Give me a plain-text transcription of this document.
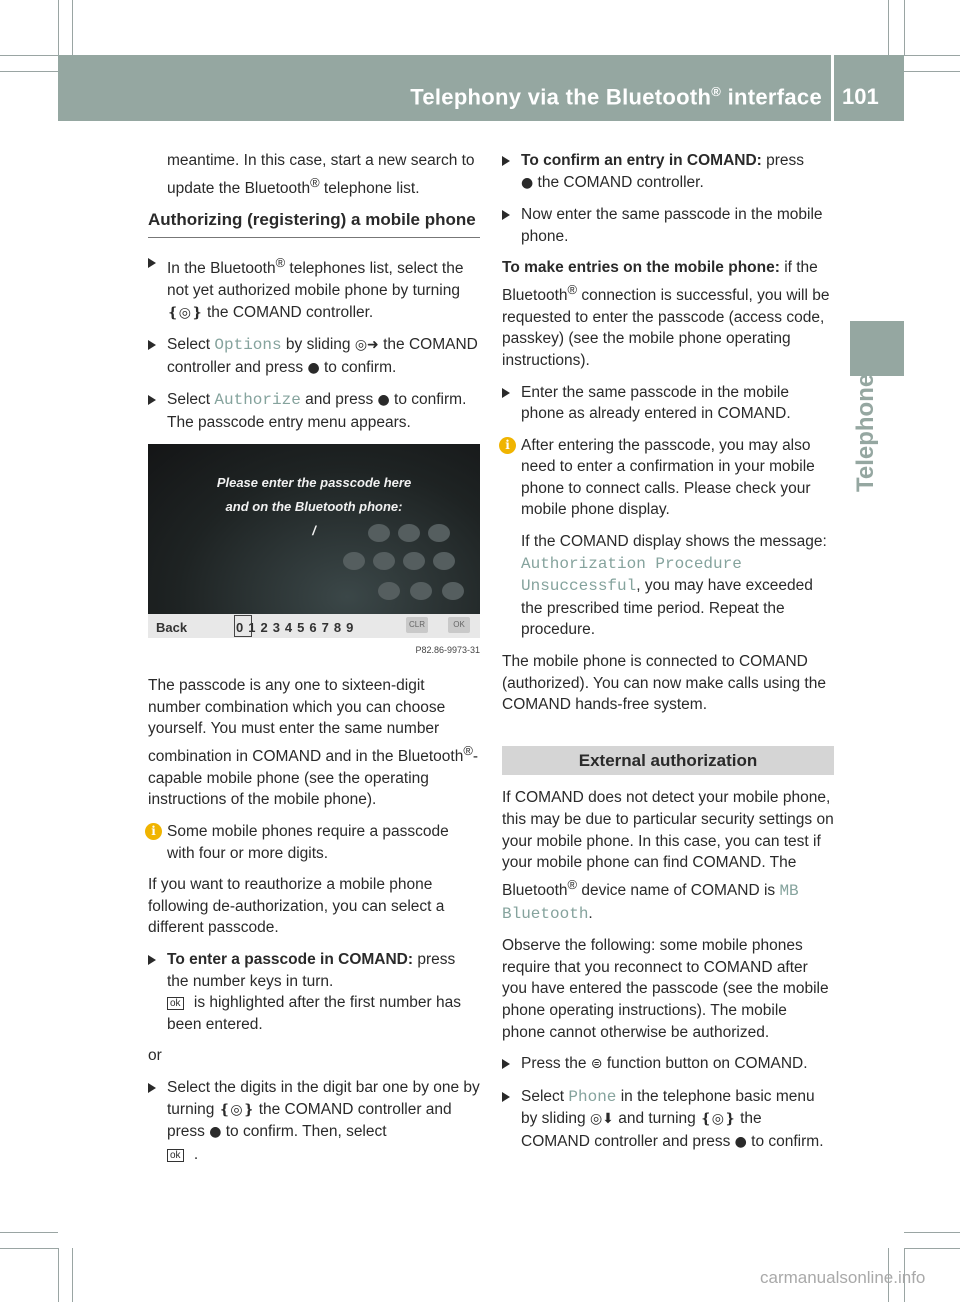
Telephony via the Bluetooth® interface 101
Telephone

meantime. In this case, start a new search to update the Bluetooth® telephone list.

Authorizing (registering) a mobile phone
In the Bluetooth® telephones list, select the not yet authorized mobile phone by turning
❴◎❵ the COMAND controller.
Select Options by sliding ◎➜ the COMAND controller and press ● to confirm.
Select Authorize and press ● to confirm.
The passcode entry menu appears.
Please enter the passcode here
and on the Bluetooth phone:
/
Back	0123456789	CLR	OK
P82.86-9973-31

The passcode is any one to sixteen-digit number combination which you can choose yourself. You must enter the same number combination in COMAND and in the Bluetooth®-capable mobile phone (see the operating instructions of the mobile phone).

i Some mobile phones require a passcode with four or more digits.

If you want to reauthorize a mobile phone following de-authorization, you can select a different passcode.

To enter a passcode in COMAND: press the number keys in turn.
ok is highlighted after the first number has been entered.

or

Select the digits in the digit bar one by one by turning ❴◎❵ the COMAND controller and press ● to confirm. Then, select
ok .
To confirm an entry in COMAND: press
● the COMAND controller.
Now enter the same passcode in the mobile phone.

To make entries on the mobile phone: if the Bluetooth® connection is successful, you will be requested to enter the passcode (access code, passkey) (see the mobile phone operating instructions).

Enter the same passcode in the mobile phone as already entered in COMAND.
i After entering the passcode, you may also need to enter a confirmation in your mobile phone to connect calls. Please check your mobile phone display.

If the COMAND display shows the message: Authorization Procedure
Unsuccessful, you may have exceeded the prescribed time period. Repeat the procedure.

The mobile phone is connected to COMAND (authorized). You can now make calls using the COMAND hands-free system.

External authorization

If COMAND does not detect your mobile phone, this may be due to particular security settings on your mobile phone. In this case, you can test if your mobile phone can find COMAND. The Bluetooth® device name of COMAND is MB Bluetooth.

Observe the following: some mobile phones require that you reconnect to COMAND after you have entered the passcode (see the mobile phone operating instructions). The mobile phone cannot otherwise be authorized.

Press the ⊜ function button on COMAND.
Select Phone in the telephone basic menu by sliding ◎⬇ and turning ❴◎❵ the COMAND controller and press ● to confirm.
carmanualsonline.info
